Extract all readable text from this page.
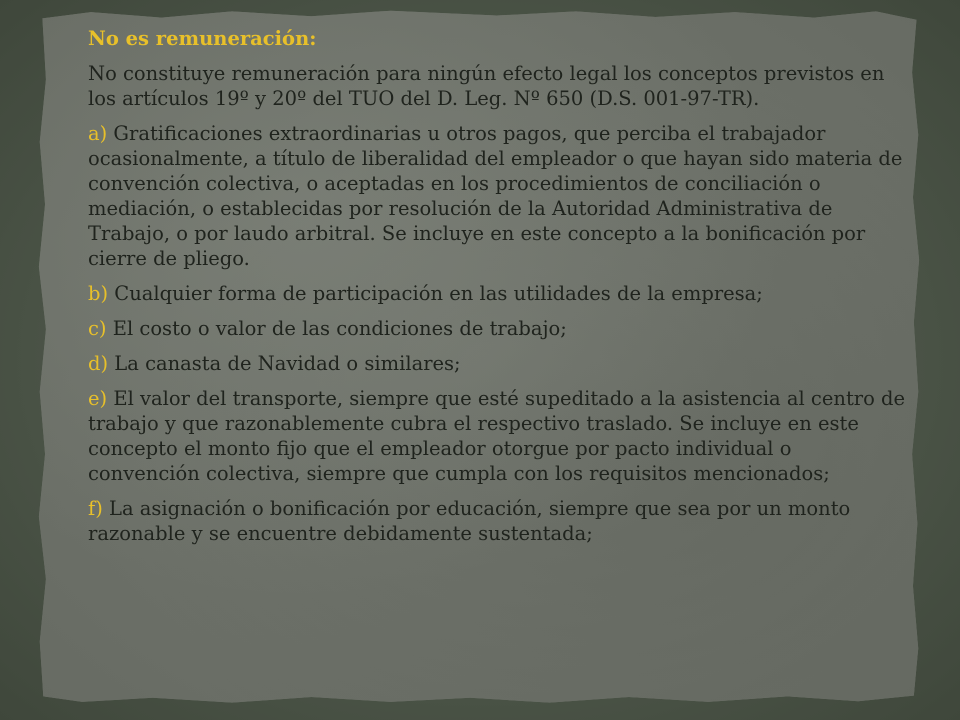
No es remuneración:
No constituye remuneración para ningún efecto legal los conceptos previstos en los artículos 19º y 20º del TUO del D. Leg. Nº 650 (D.S. 001-97-TR).
a) Gratificaciones extraordinarias u otros pagos, que perciba el trabajador ocasionalmente, a título de liberalidad del empleador o que hayan sido materia de convención colectiva, o aceptadas en los procedimientos de conciliación o mediación, o establecidas por resolución de la Autoridad Administrativa de Trabajo, o por laudo arbitral. Se incluye en este concepto a la bonificación por cierre de pliego.
b) Cualquier forma de participación en las utilidades de la empresa;
c) El costo o valor de las condiciones de trabajo;
d) La canasta de Navidad o similares;
e) El valor del transporte, siempre que esté supeditado a la asistencia al centro de trabajo y que razonablemente cubra el respectivo traslado. Se incluye en este concepto el monto fijo que el empleador otorgue por pacto individual o convención colectiva, siempre que cumpla con los requisitos mencionados;
f) La asignación o bonificación por educación, siempre que sea por un monto razonable y se encuentre debidamente sustentada;
